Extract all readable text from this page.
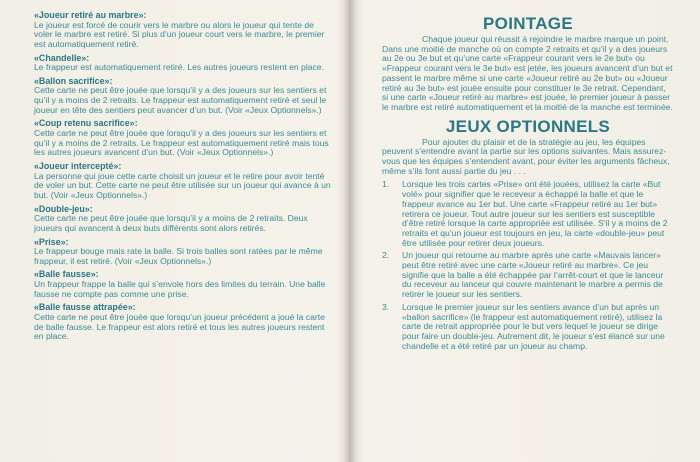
«Joueur retiré au marbre»:

Le joueur est forcé de courir vers le marbre ou alors le joueur qui tente de voler le marbre est retiré. Si plus d’un joueur court vers le marbre, le premier est automatiquement retiré.

«Chandelle»:

Le frappeur est automatiquement retiré. Les autres joueurs restent en place.

«Ballon sacrifice»:

Cette carte ne peut être jouée que lorsqu’il y a des joueurs sur les sentiers et qu’il y a moins de 2 retraits. Le frappeur est automatiquement retiré et seul le joueur en tête des sentiers peut avancer d’un but. (Voir «Jeux Optionnels».)

«Coup retenu sacrifice»:

Cette carte ne peut être jouée que lorsqu’il y a des joueurs sur les sentiers et qu’il y a moins de 2 retraits. Le frappeur est automatiquement retiré mais tous les autres joueurs avancent d’un but. (Voir «Jeux Optionnels».)

«Joueur intercepté»:

La personne qui joue cette carte choisit un joueur et le retire pour avoir tenté de voler un but. Cette carte ne peut être utilisée sur un joueur qui avance à un but. (Voir «Jeux Optionnels».)

«Double-jeu»:

Cette carte ne peut être jouée que lorsqu’il y a moins de 2 retraits. Deux joueurs qui avancent à deux buts différents sont alors retirés.

«Prise»:

Le frappeur bouge mais rate la balle. Si trois balles sont ratées par le même frappeur, il est retiré. (Voir «Jeux Optionnels».)

«Balle fausse»:

Un frappeur frappe la balle qui s’envole hors des limites du terrain. Une balle fausse ne compte pas comme une prise.

«Balle fausse attrapée»:

Cette carte ne peut être jouée que lorsqu’un joueur précédent a joué la carte de balle fausse. Le frappeur est alors retiré et tous les autres joueurs restent en place.

POINTAGE

Chaque joueur qui réussit à rejoindre le marbre marque un point. Dans une moitié de manche où on compte 2 retraits et qu’il y a des joueurs au 2e ou 3e but et qu’une carte «Frappeur courant vers le 2e but» ou «Frappeur courant vers le 3e but» est jetée, les joueurs avancent d’un but et passent le marbre même si une carte «Joueur retiré au 2e but» ou «Joueur retiré au 3e but» est jouée ensuite pour constituer le 3e retrait. Cependant, si une carte «Joueur retiré au marbre» est jouée, le premier joueur à passer le marbre est retiré automatiquement et la moitié de la manche est terminée.

JEUX OPTIONNELS

Pour ajouter du plaisir et de la stratégie au jeu, les équipes peuvent s’entendre avant la partie sur les options suivantes. Mais assurez-vous que les équipes s’entendent avant, pour éviter les arguments fâcheux, même s’ils font aussi partie du jeu . . .

1.	Lorsque les trois cartes «Prise» ont été jouées, utilisez la carte «But volé» pour signifier que le receveur a échappé la balle et que le frappeur avance au 1er but. Une carte «Frappeur retiré au 1er but» retirera ce joueur. Tout autre joueur sur les sentiers est susceptible d’être retiré lorsque la carte appropriée est utilisée. S’il y a moins de 2 retraits et qu’un joueur est toujours en jeu, la carte «double-jeu» peut être utilisée pour retirer deux joueurs.
2.	Un joueur qui retourne au marbre après une carte «Mauvais lancer» peut être retiré avec une carte «Joueur retiré au marbre». Ce jeu signifie que la balle a été échappée par l’arrêt-court et que le lanceur du receveur au lanceur qui couvre maintenant le marbre a permis de retirer le joueur sur les sentiers.
3.	Lorsque le premier joueur sur les sentiers avance d’un but après un «ballon sacrifice» (le frappeur est automatiquement retiré), utilisez la carte de retrait appropriée pour le but vers lequel le joueur se dirige pour faire un double-jeu. Autrement dit, le joueur s’est élancé sur une chandelle et a été retiré par un joueur au champ.
